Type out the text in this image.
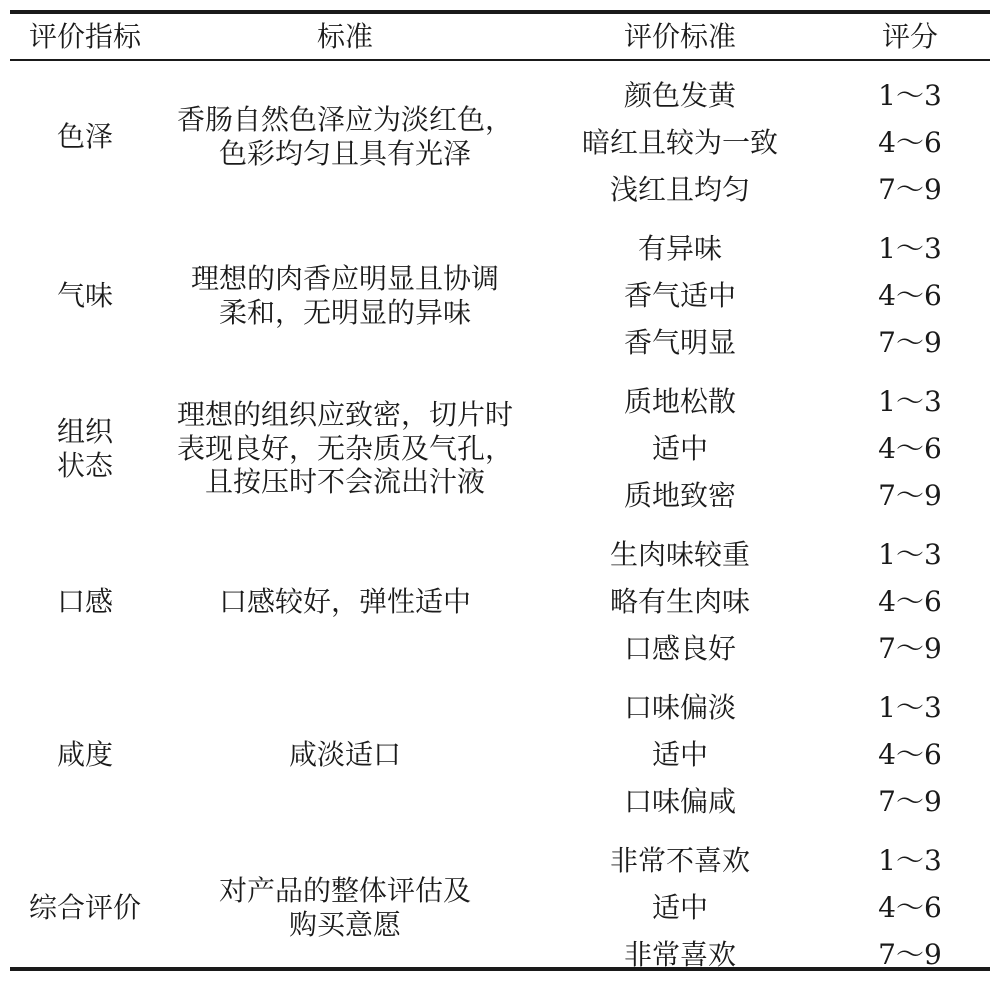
评价指标	标准	评价标准	评分

色泽	香肠自然色泽应为淡红色，
色彩均匀且具有光泽	颜色发黄	1～3
		暗红且较为一致	4～6
		浅红且均匀	7～9

气味	理想的肉香应明显且协调
柔和，无明显的异味	有异味	1～3
		香气适中	4～6
		香气明显	7～9

组织
状态	理想的组织应致密，切片时
表现良好，无杂质及气孔，
且按压时不会流出汁液	质地松散	1～3
		适中	4～6
		质地致密	7～9

口感	口感较好，弹性适中	生肉味较重	1～3
		略有生肉味	4～6
		口感良好	7～9

咸度	咸淡适口	口味偏淡	1～3
		适中	4～6
		口味偏咸	7～9

综合评价	对产品的整体评估及
购买意愿	非常不喜欢	1～3
		适中	4～6
		非常喜欢	7～9
